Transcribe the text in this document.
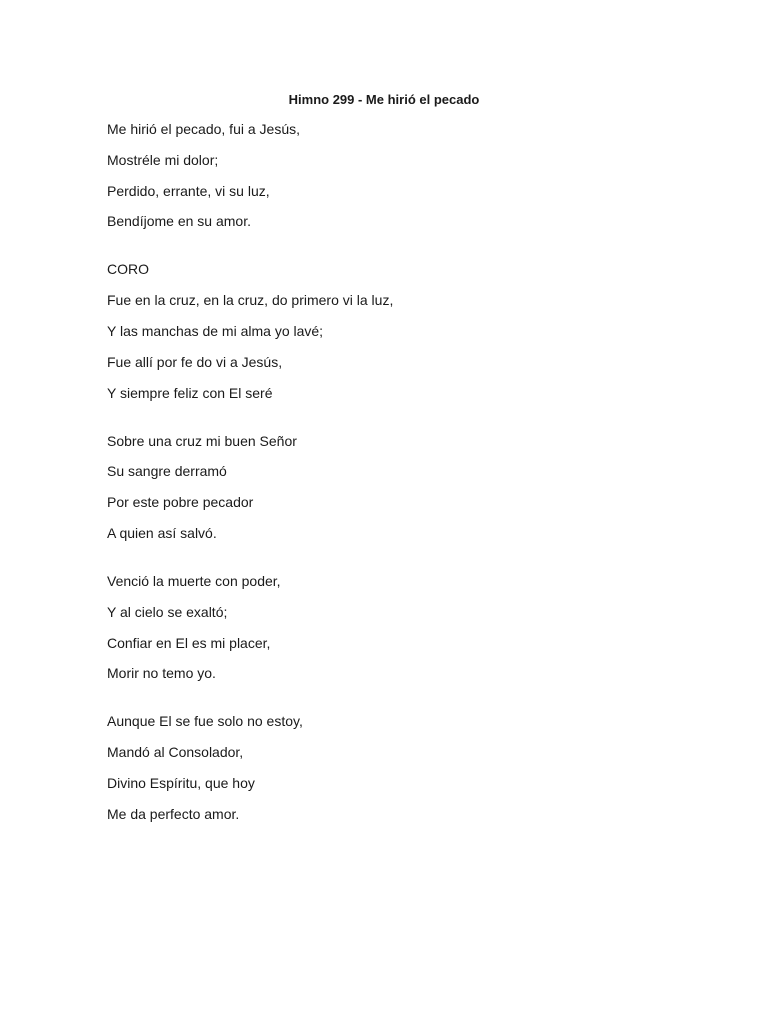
Himno 299 - Me hirió el pecado
Me hirió el pecado, fui a Jesús,
Mostréle mi dolor;
Perdido, errante, vi su luz,
Bendíjome en su amor.
CORO
Fue en la cruz, en la cruz, do primero vi la luz,
Y las manchas de mi alma yo lavé;
Fue allí por fe do vi a Jesús,
Y siempre feliz con El seré
Sobre una cruz mi buen Señor
Su sangre derramó
Por este pobre pecador
A quien así salvó.
Venció la muerte con poder,
Y al cielo se exaltó;
Confiar en El es mi placer,
Morir no temo yo.
Aunque El se fue solo no estoy,
Mandó al Consolador,
Divino Espíritu, que hoy
Me da perfecto amor.
